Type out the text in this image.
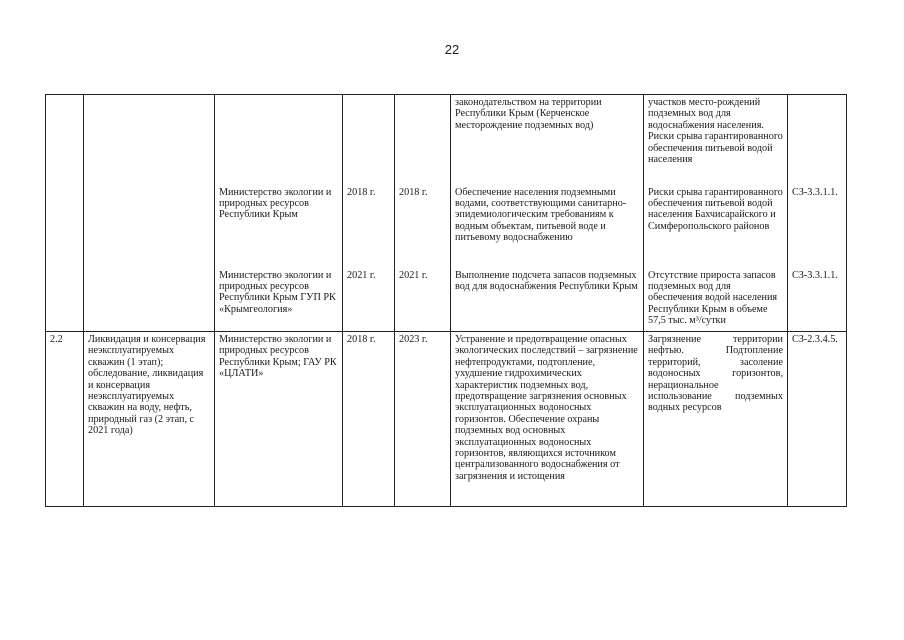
22
					законодательством на территории Республики Крым (Керченское месторождение подземных вод)	участков место-рождений подземных вод для водоснабжения населения. Риски срыва гарантированного обеспечения питьевой водой населения	
		Министерство экологии и природных ресурсов Республики Крым	2018 г.	2018 г.	Обеспечение населения подземными водами, соответствующими санитарно-эпидемиологическим требованиям к водным объектам, питьевой воде и питьевому водоснабжению	Риски срыва гарантированного обеспечения питьевой водой населения Бахчисарайского и Симферопольского районов	СЗ-3.3.1.1.
		Министерство экологии и природных ресурсов Республики Крым ГУП РК «Крымгеология»	2021 г.	2021 г.	Выполнение подсчета запасов подземных вод для водоснабжения Республики Крым	Отсутствие прироста запасов подземных вод для обеспечения водой населения Республики Крым в объеме 57,5 тыс. м³/сутки	СЗ-3.3.1.1.
2.2	Ликвидация и консервация неэксплуатируемых скважин (1 этап); обследование, ликвидация и консервация неэксплуатируемых скважин на воду, нефть, природный газ (2 этап, с 2021 года)	Министерство экологии и природных ресурсов Республики Крым; ГАУ РК «ЦЛАТИ»	2018 г.	2023 г.	Устранение и предотвращение опасных экологических последствий – загрязнение нефтепродуктами, подтопление, ухудшение гидрохимических характеристик подземных вод, предотвращение загрязнения основных эксплуатационных водоносных горизонтов. Обеспечение охраны подземных вод основных эксплуатационных водоносных горизонтов, являющихся источником централизованного водоснабжения от загрязнения и истощения	Загрязнение территории нефтью. Подтопление территорий, засоление водоносных горизонтов, нерациональное использование подземных водных ресурсов	СЗ-2.3.4.5.
